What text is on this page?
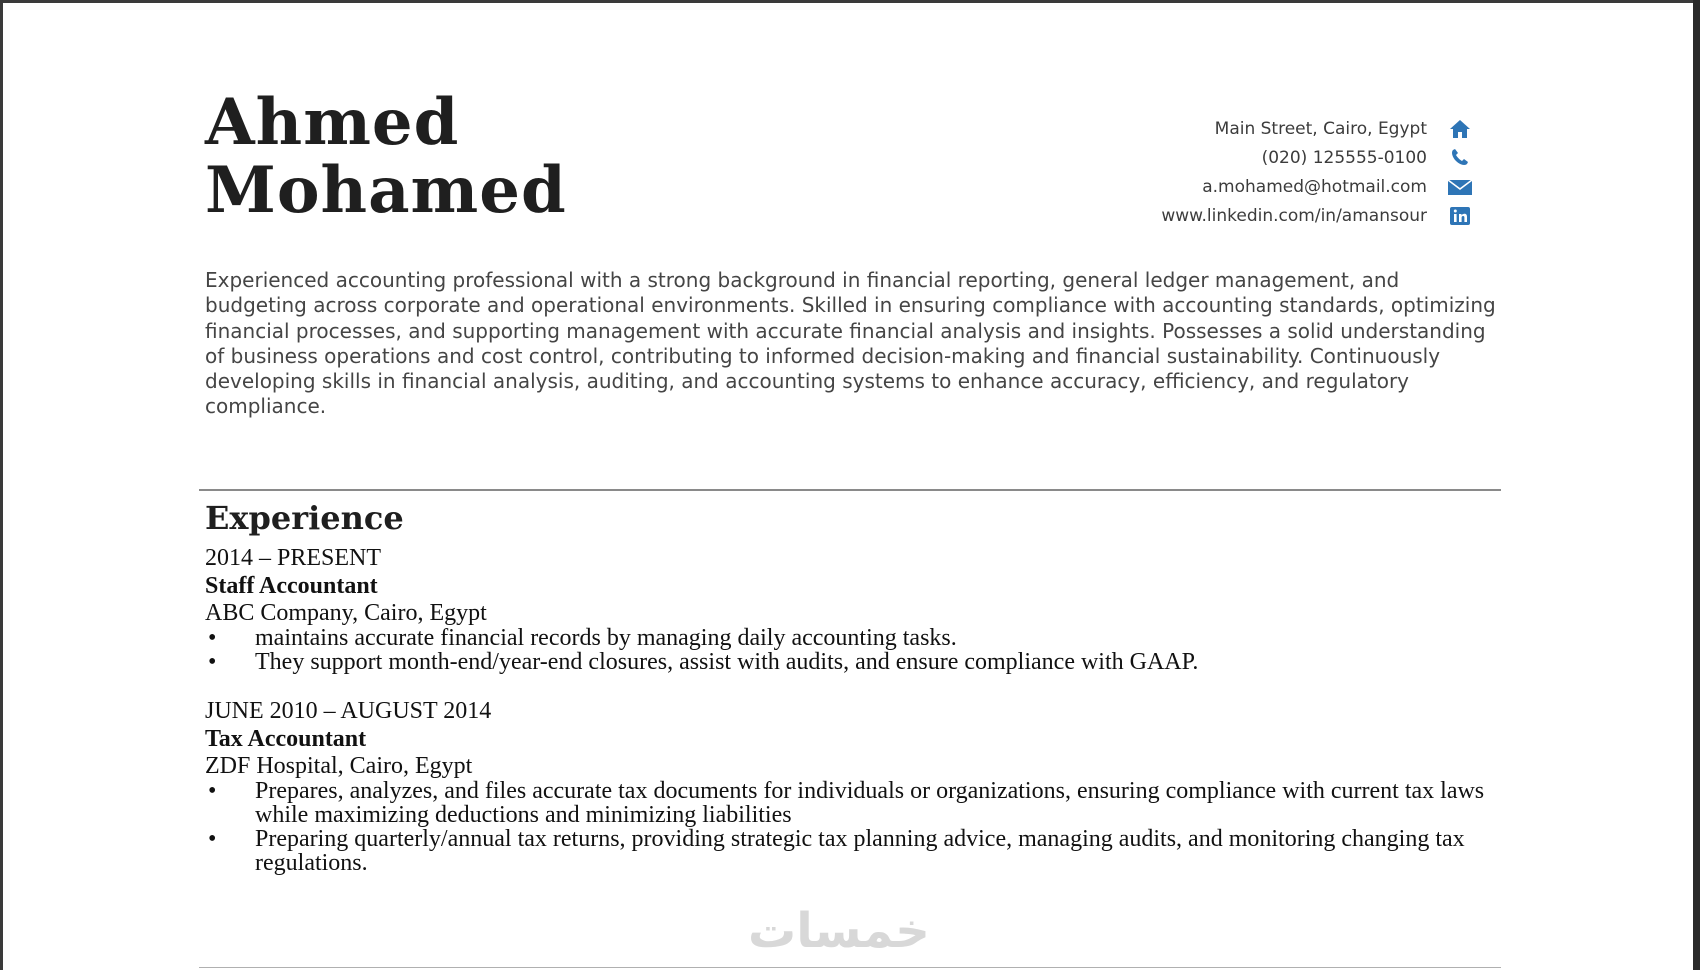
Ahmed
Mohamed
Main Street, Cairo, Egypt
(020) 125555-0100
a.mohamed@hotmail.com
www.linkedin.com/in/amansour

Experienced accounting professional with a strong background in financial reporting, general ledger management, and budgeting across corporate and operational environments. Skilled in ensuring compliance with accounting standards, optimizing financial processes, and supporting management with accurate financial analysis and insights. Possesses a solid understanding of business operations and cost control, contributing to informed decision-making and financial sustainability. Continuously developing skills in financial analysis, auditing, and accounting systems to enhance accuracy, efficiency, and regulatory compliance.

Experience
2014 – PRESENT
Staff Accountant
ABC Company, Cairo, Egypt
• maintains accurate financial records by managing daily accounting tasks.
• They support month-end/year-end closures, assist with audits, and ensure compliance with GAAP.
JUNE 2010 – AUGUST 2014
Tax Accountant
ZDF Hospital, Cairo, Egypt
• Prepares, analyzes, and files accurate tax documents for individuals or organizations, ensuring compliance with current tax laws while maximizing deductions and minimizing liabilities
• Preparing quarterly/annual tax returns, providing strategic tax planning advice, managing audits, and monitoring changing tax regulations.
خمسات
